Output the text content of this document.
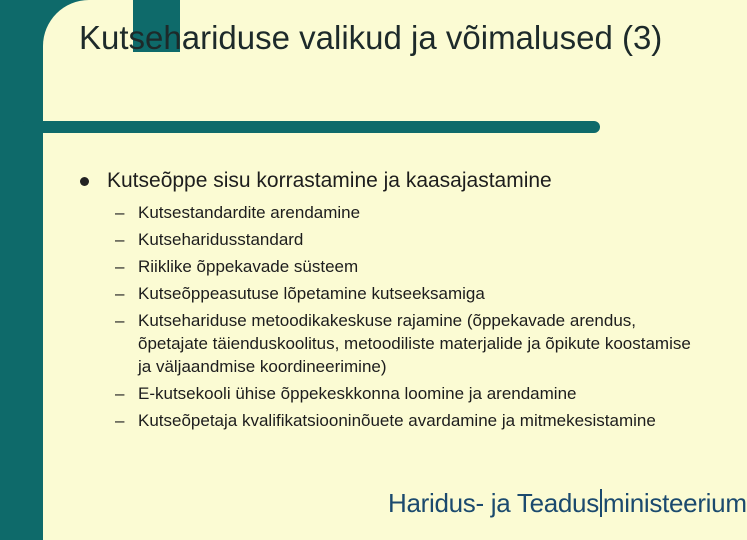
Kutsehariduse valikud ja võimalused (3)
Kutseõppe sisu korrastamine ja kaasajastamine
– Kutsestandardite arendamine
– Kutseharidusstandard
– Riiklike õppekavade süsteem
– Kutseõppeasutuse lõpetamine kutseeksamiga
– Kutsehariduse metoodikakeskuse rajamine (õppekavade arendus, õpetajate täienduskoolitus, metoodiliste materjalide ja õpikute koostamise ja väljaandmise koordineerimine)
– E-kutsekooli ühise õppekeskkonna loomine ja arendamine
– Kutseõpetaja kvalifikatsiooninõuete avardamine ja mitmekesistamine
Haridus- ja Teadus ministeerium
